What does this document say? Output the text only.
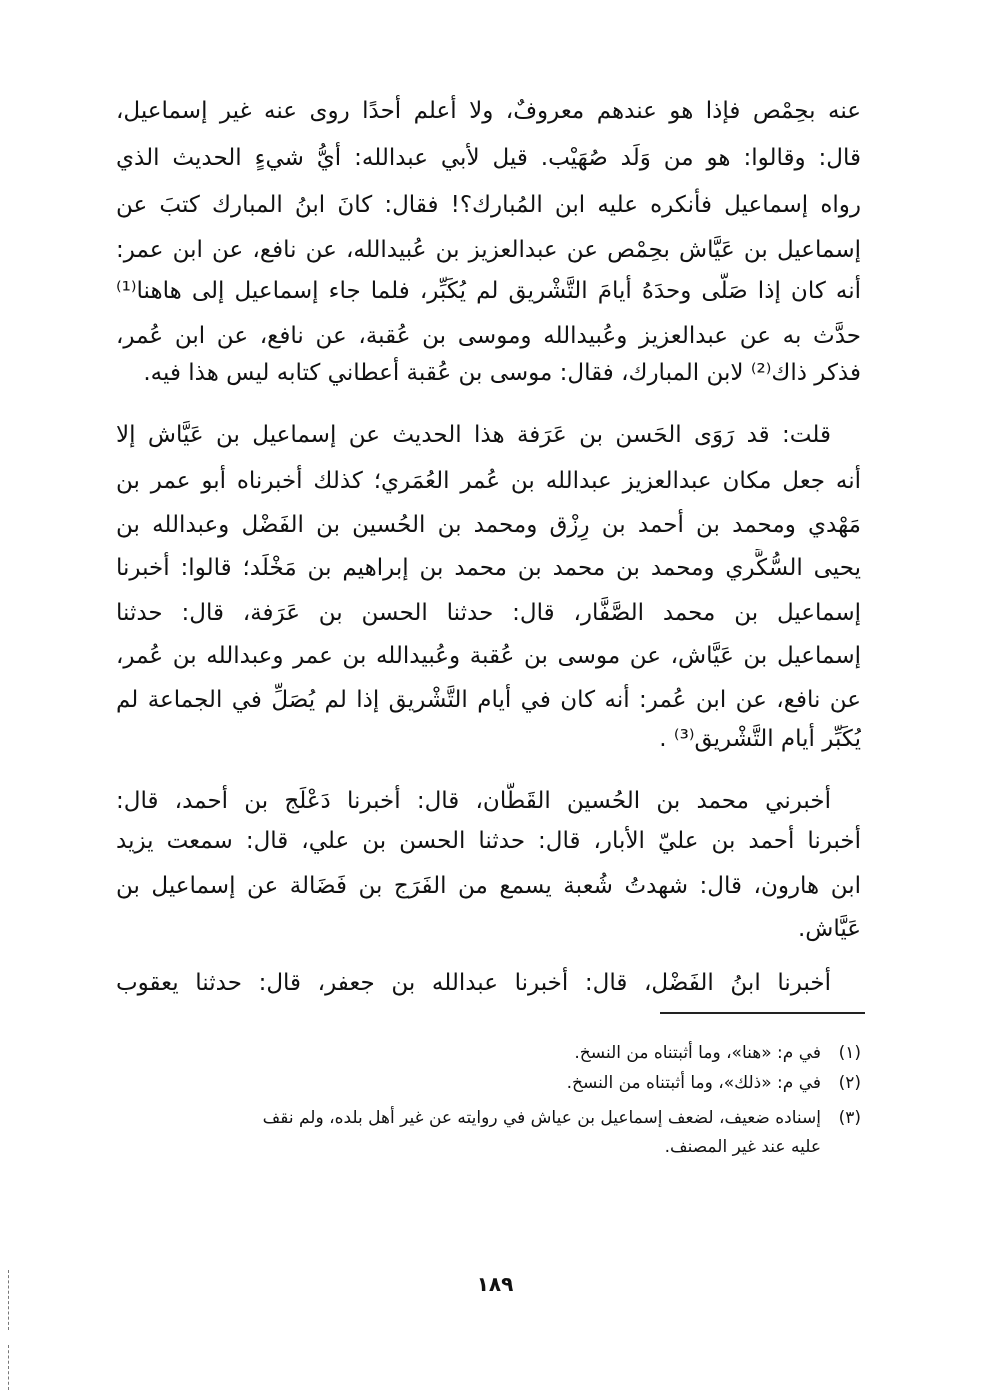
عنه بحِمْص فإذا هو عندهم معروفٌ، ولا أعلم أحدًا روى عنه غير إسماعيل،
قال: وقالوا: هو من وَلَد صُهَيْب. قيل لأبي عبدالله: أيُّ شيءٍ الحديث الذي
رواه إسماعيل فأنكره عليه ابن المُبارك؟! فقال: كانَ ابنُ المبارك كتبَ عن
إسماعيل بن عَيَّاش بحِمْص عن عبدالعزيز بن عُبيدالله، عن نافع، عن ابن عمر:
أنه كان إذا صَلَّى وحدَهُ أيامَ التَّشْريق لم يُكَبِّر، فلما جاء إسماعيل إلى هاهنا⁽¹⁾
حدَّث به عن عبدالعزيز وعُبيدالله وموسى بن عُقبة، عن نافع، عن ابن عُمر،
فذكر ذاك⁽²⁾ لابن المبارك، فقال: موسى بن عُقبة أعطاني كتابه ليس هذا فيه.
قلت: قد رَوَى الحَسن بن عَرَفة هذا الحديث عن إسماعيل بن عَيَّاش إلا
أنه جعل مكان عبدالعزيز عبدالله بن عُمر العُمَري؛ كذلك أخبرناه أبو عمر بن
مَهْدي ومحمد بن أحمد بن رِزْق ومحمد بن الحُسين بن الفَضْل وعبدالله بن
يحيى السُّكَّري ومحمد بن محمد بن محمد بن إبراهيم بن مَخْلَد؛ قالوا: أخبرنا
إسماعيل بن محمد الصَّفَّار، قال: حدثنا الحسن بن عَرَفة، قال: حدثنا
إسماعيل بن عَيَّاش، عن موسى بن عُقبة وعُبيدالله بن عمر وعبدالله بن عُمر،
عن نافع، عن ابن عُمر: أنه كان في أيام التَّشْريق إذا لم يُصَلِّ في الجماعة لم
يُكَبِّر أيام التَّشْريق⁽³⁾ .
أخبرني محمد بن الحُسين القَطَّان، قال: أخبرنا دَعْلَج بن أحمد، قال:
أخبرنا أحمد بن عليّ الأبار، قال: حدثنا الحسن بن علي، قال: سمعت يزيد
ابن هارون، قال: شهدتُ شُعبة يسمع من الفَرَج بن فَضَالة عن إسماعيل بن
عَيَّاش.
أخبرنا ابنُ الفَضْل، قال: أخبرنا عبدالله بن جعفر، قال: حدثنا يعقوب
(١)في م: «هنا»، وما أثبتناه من النسخ.
(٢)في م: «ذلك»، وما أثبتناه من النسخ.
(٣)إسناده ضعيف، لضعف إسماعيل بن عياش في روايته عن غير أهل بلده، ولم نقف
عليه عند غير المصنف.
١٨٩
